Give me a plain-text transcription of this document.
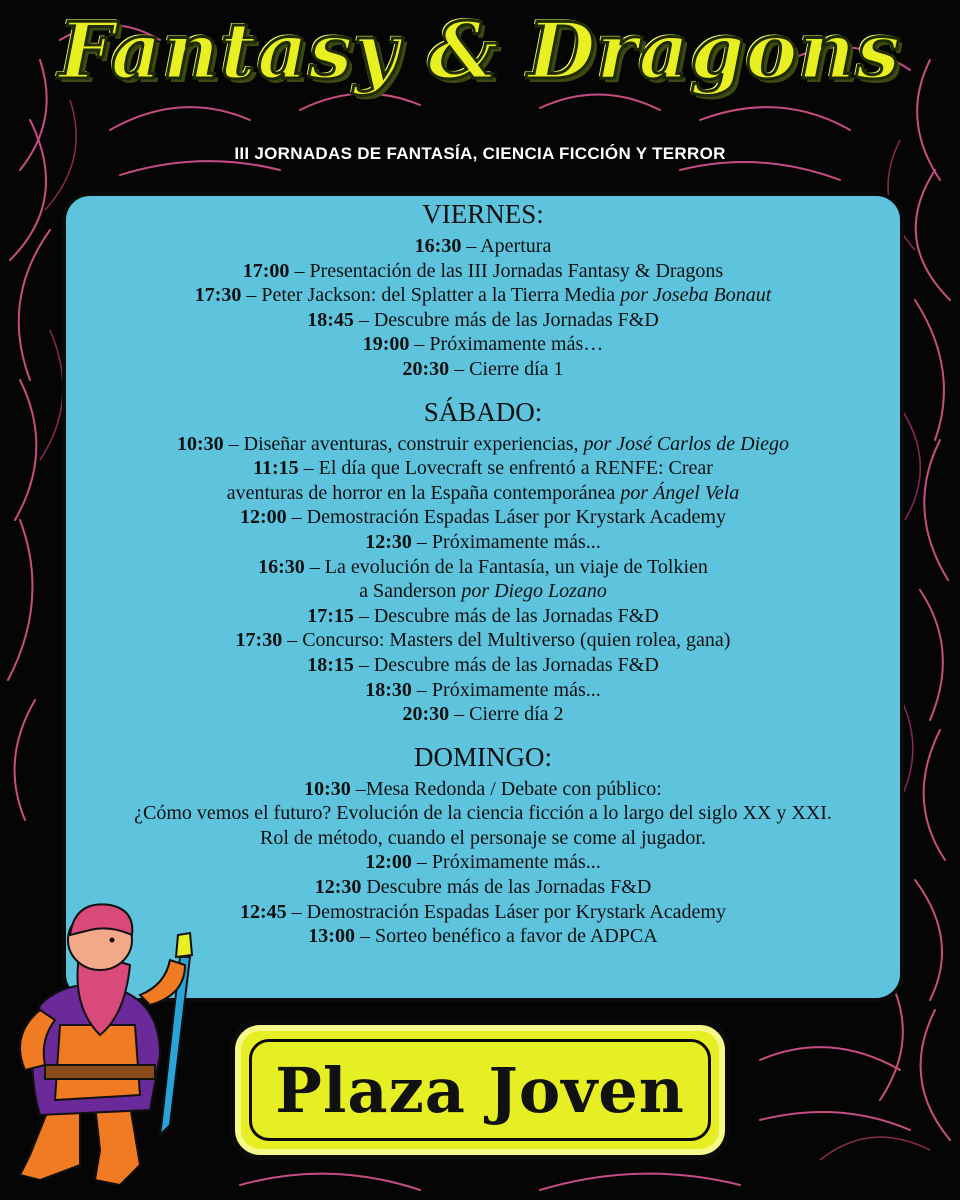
Fantasy & Dragons
III JORNADAS DE FANTASÍA, CIENCIA FICCIÓN Y TERROR
VIERNES:
16:30 – Apertura
17:00 – Presentación de las III Jornadas Fantasy & Dragons
17:30 – Peter Jackson: del Splatter a la Tierra Media por Joseba Bonaut
18:45 – Descubre más de las Jornadas F&D
19:00 – Próximamente más…
20:30 – Cierre día 1
SÁBADO:
10:30 – Diseñar aventuras, construir experiencias, por José Carlos de Diego
11:15 – El día que Lovecraft se enfrentó a RENFE: Crear
aventuras de horror en la España contemporánea por Ángel Vela
12:00 – Demostración Espadas Láser por Krystark Academy
12:30 – Próximamente más...
16:30 – La evolución de la Fantasía, un viaje de Tolkien
a Sanderson por Diego Lozano
17:15 – Descubre más de las Jornadas F&D
17:30 – Concurso: Masters del Multiverso (quien rolea, gana)
18:15 – Descubre más de las Jornadas F&D
18:30 – Próximamente más...
20:30 – Cierre día 2
DOMINGO:
10:30 –Mesa Redonda / Debate con público:
¿Cómo vemos el futuro? Evolución de la ciencia ficción a lo largo del siglo XX y XXI.
Rol de método, cuando el personaje se come al jugador.
12:00 – Próximamente más...
12:30 Descubre más de las Jornadas F&D
12:45 – Demostración Espadas Láser por Krystark Academy
13:00 – Sorteo benéfico a favor de ADPCA
Plaza Joven
